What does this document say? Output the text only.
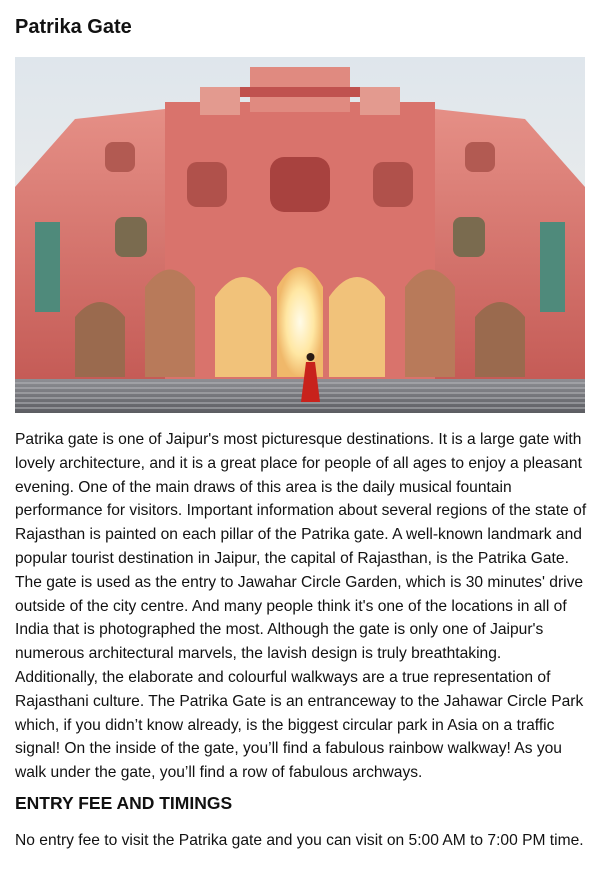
Patrika Gate

Patrika gate is one of Jaipur's most picturesque destinations. It is a large gate with lovely architecture, and it is a great place for people of all ages to enjoy a pleasant evening. One of the main draws of this area is the daily musical fountain performance for visitors. Important information about several regions of the state of Rajasthan is painted on each pillar of the Patrika gate. A well-known landmark and popular tourist destination in Jaipur, the capital of Rajasthan, is the Patrika Gate. The gate is used as the entry to Jawahar Circle Garden, which is 30 minutes' drive outside of the city centre. And many people think it's one of the locations in all of India that is photographed the most. Although the gate is only one of Jaipur's numerous architectural marvels, the lavish design is truly breathtaking. Additionally, the elaborate and colourful walkways are a true representation of Rajasthani culture. The Patrika Gate is an entranceway to the Jahawar Circle Park which, if you didn’t know already, is the biggest circular park in Asia on a traffic signal! On the inside of the gate, you’ll find a fabulous rainbow walkway! As you walk under the gate, you’ll find a row of fabulous archways.

ENTRY FEE AND TIMINGS

No entry fee to visit the Patrika gate and you can visit on 5:00 AM to 7:00 PM time.
